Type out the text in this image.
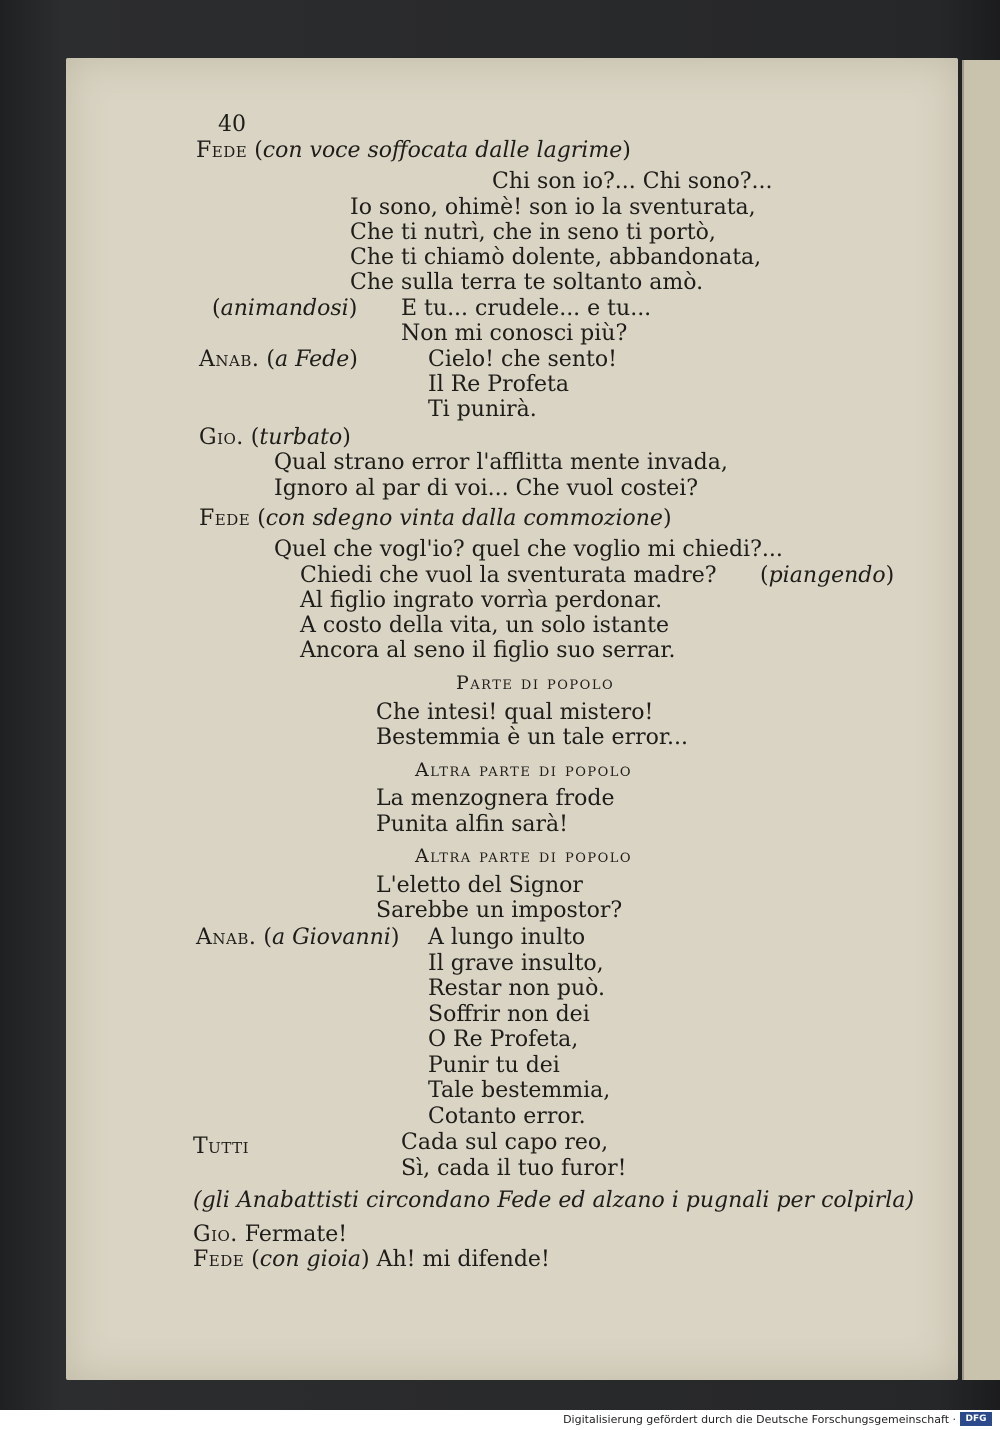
40
Fede (con voce soffocata dalle lagrime)
Chi son io?... Chi sono?...
Io sono, ohimè! son io la sventurata,
Che ti nutrì, che in seno ti portò,
Che ti chiamò dolente, abbandonata,
Che sulla terra te soltanto amò.
(animandosi) E tu... crudele... e tu...
Non mi conosci più?
Anab. (a Fede)	Cielo! che sento!
Il Re Profeta
Ti punirà.
Gio. (turbato)
Qual strano error l'afflitta mente invada,
Ignoro al par di voi... Che vuol costei?
Fede (con sdegno vinta dalla commozione)
Quel che vogl'io? quel che voglio mi chiedi?...
Chiedi che vuol la sventurata madre? (piangendo)
Al figlio ingrato vorrìa perdonar.
A costo della vita, un solo istante
Ancora al seno il figlio suo serrar.
Parte di popolo
Che intesi! qual mistero!
Bestemmia è un tale error...
Altra parte di popolo
La menzognera frode
Punita alfin sarà!
Altra parte di popolo
L'eletto del Signor
Sarebbe un impostor?
Anab. (a Giovanni) A lungo inulto
Il grave insulto,
Restar non può.
Soffrir non dei
O Re Profeta,
Punir tu dei
Tale bestemmia,
Cotanto error.
Tutti	Cada sul capo reo,
Sì, cada il tuo furor!
(gli Anabattisti circondano Fede ed alzano i pugnali per colpirla)
Gio. Fermate!
Fede (con gioia) Ah! mi difende!
Digitalisierung gefördert durch die Deutsche Forschungsgemeinschaft ·	DFG
